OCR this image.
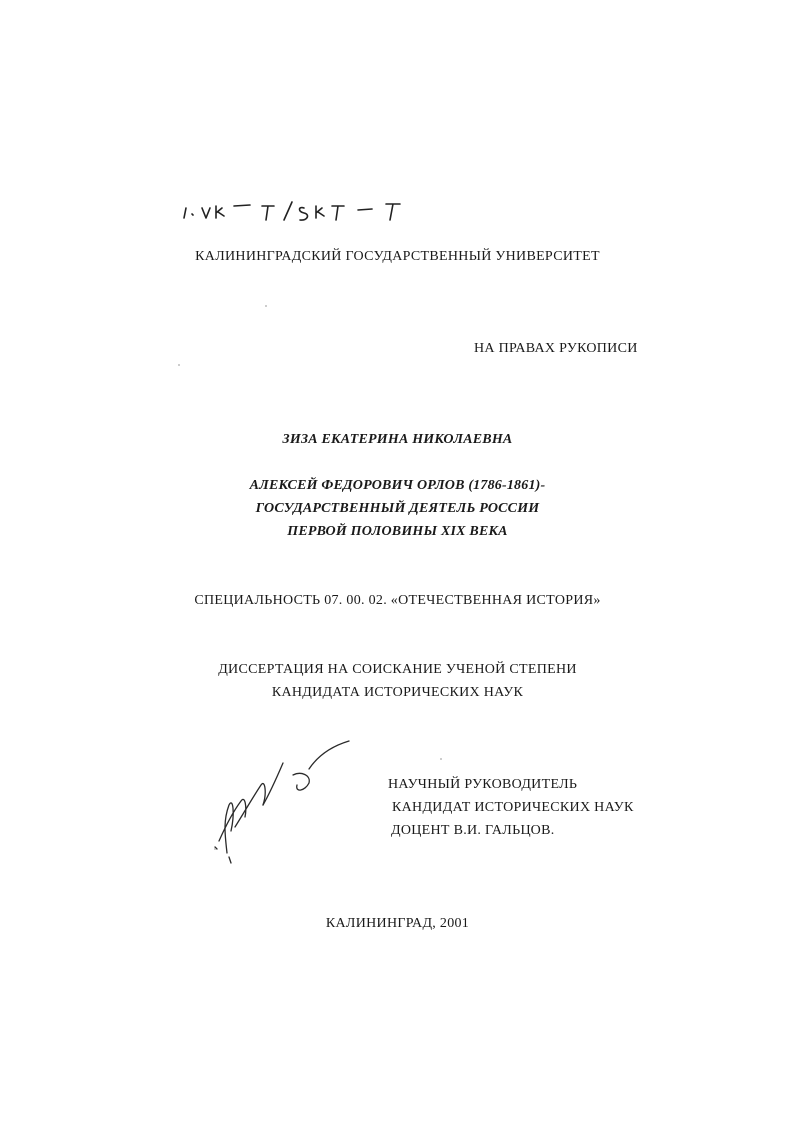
КАЛИНИНГРАДСКИЙ ГОСУДАРСТВЕННЫЙ УНИВЕРСИТЕТ
НА ПРАВАХ РУКОПИСИ
ЗИЗА ЕКАТЕРИНА НИКОЛАЕВНА
АЛЕКСЕЙ ФЕДОРОВИЧ ОРЛОВ (1786-1861)-
ГОСУДАРСТВЕННЫЙ ДЕЯТЕЛЬ РОССИИ
ПЕРВОЙ ПОЛОВИНЫ XIX ВЕКА
СПЕЦИАЛЬНОСТЬ 07. 00. 02. «ОТЕЧЕСТВЕННАЯ ИСТОРИЯ»
ДИССЕРТАЦИЯ НА СОИСКАНИЕ УЧЕНОЙ СТЕПЕНИ
КАНДИДАТА ИСТОРИЧЕСКИХ НАУК
НАУЧНЫЙ РУКОВОДИТЕЛЬ
КАНДИДАТ ИСТОРИЧЕСКИХ НАУК
ДОЦЕНТ В.И. ГАЛЬЦОВ.
КАЛИНИНГРАД, 2001
